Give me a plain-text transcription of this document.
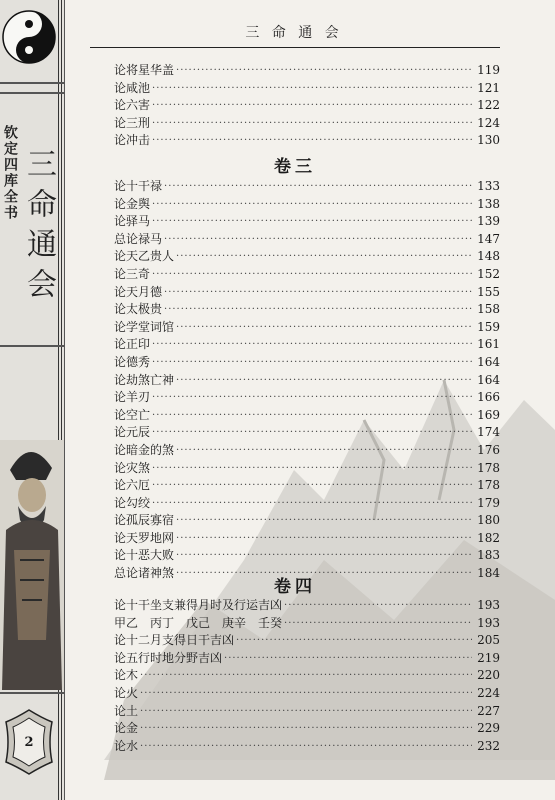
钦定四库全书 三命通会
2
三 命 通 会
论将星华盖 ·····	119
论咸池 ·····	121
论六害 ·····	122
论三刑 ·····	124
论冲击 ·····	130
卷三
论十干禄 ·····	133
论金舆 ·····	138
论驿马 ·····	139
总论禄马 ·····	147
论天乙贵人 ·····	148
论三奇 ·····	152
论天月德 ·····	155
论太极贵 ·····	158
论学堂词馆 ·····	159
论正印 ·····	161
论德秀 ·····	164
论劫煞亡神 ·····	164
论羊刃 ·····	166
论空亡 ·····	169
论元辰 ·····	174
论暗金的煞 ·····	176
论灾煞 ·····	178
论六厄 ·····	178
论勾绞 ·····	179
论孤辰寡宿 ·····	180
论天罗地网 ·····	182
论十恶大败 ·····	183
总论诸神煞 ·····	184
卷四
论十干坐支兼得月时及行运吉凶 ·····	193
甲乙　丙丁　戊己　庚辛　壬癸 ·····	193
论十二月支得日干吉凶 ·····	205
论五行时地分野吉凶 ·····	219
论木 ·····	220
论火 ·····	224
论土 ·····	227
论金 ·····	229
论水 ·····	232
